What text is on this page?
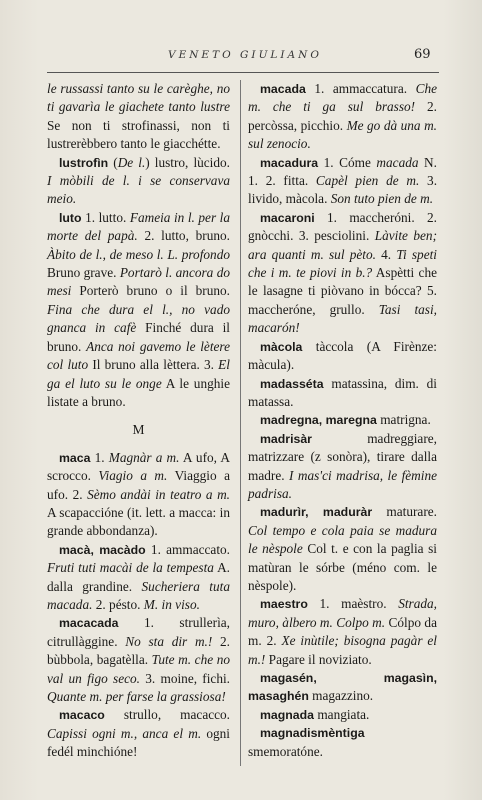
VENETO GIULIANO	69

le russassi tanto su le carèghe, no ti gavarìa le giachete tanto lustre Se non ti strofinassi, non ti lustrerèbbero tanto le giacchétte.

lustrofìn (De l.) lustro, lùcido. I mòbili de l. i se conservava meio.

luto 1. lutto. Fameia in l. per la morte del papà. 2. lutto, bruno. Àbito de l., de meso l. L. profondo Bruno grave. Portarò l. ancora do mesi Porterò bruno o il bruno. Fina che dura el l., no vado gnanca in cafè Finché dura il bruno. Anca noi gavemo le lètere col luto Il bruno alla lèttera. 3. El ga el luto su le onge A le unghie listate a bruno.

M

maca 1. Magnàr a m. A ufo, A scrocco. Viagio a m. Viaggio a ufo. 2. Sèmo andài in teatro a m. A scapaccióne (it. lett. a macca: in grande abbondanza).

macà, macàdo 1. ammaccato. Fruti tuti macài de la tempesta A. dalla grandine. Sucheriera tuta macada. 2. pésto. M. in viso.

macacada 1. strullerìa, citrullàggine. No sta dir m.! 2. bùbbola, bagatèlla. Tute m. che no val un figo seco. 3. moine, fichi. Quante m. per farse la grassiosa!

macaco strullo, macacco. Capissi ogni m., anca el m. ogni fedél minchióne!

macada 1. ammaccatura. Che m. che ti ga sul brasso! 2. percòssa, picchio. Me go dà una m. sul zenocio.

macadura 1. Cóme macada N. 1. 2. fitta. Capèl pien de m. 3. livido, màcola. Son tuto pien de m.

macaroni 1. maccheróni. 2. gnòcchi. 3. pesciolini. Làvite ben; ara quanti m. sul pèto. 4. Ti speti che i m. te piovi in b.? Aspètti che le lasagne ti piòvano in bócca? 5. maccheróne, grullo. Tasi tasi, macarón!

màcola tàccola (A Firènze: màcula).

madasséta matassina, dim. di matassa.

madregna, maregna matrigna.

madrisàr madreggiare, matrizzare (z sonòra), tirare dalla madre. I mas'ci madrisa, le fèmine padrisa.

madurìr, maduràr maturare. Col tempo e cola paia se madura le nèspole Col t. e con la paglia si matùran le sórbe (méno com. le nèspole).

maestro 1. maèstro. Strada, muro, àlbero m. Colpo m. Cólpo da m. 2. Xe inùtile; bisogna pagàr el m.! Pagare il noviziato.

magasén, magasìn, masaghén magazzino.

magnada mangiata.

magnadismèntiga smemoratóne.
